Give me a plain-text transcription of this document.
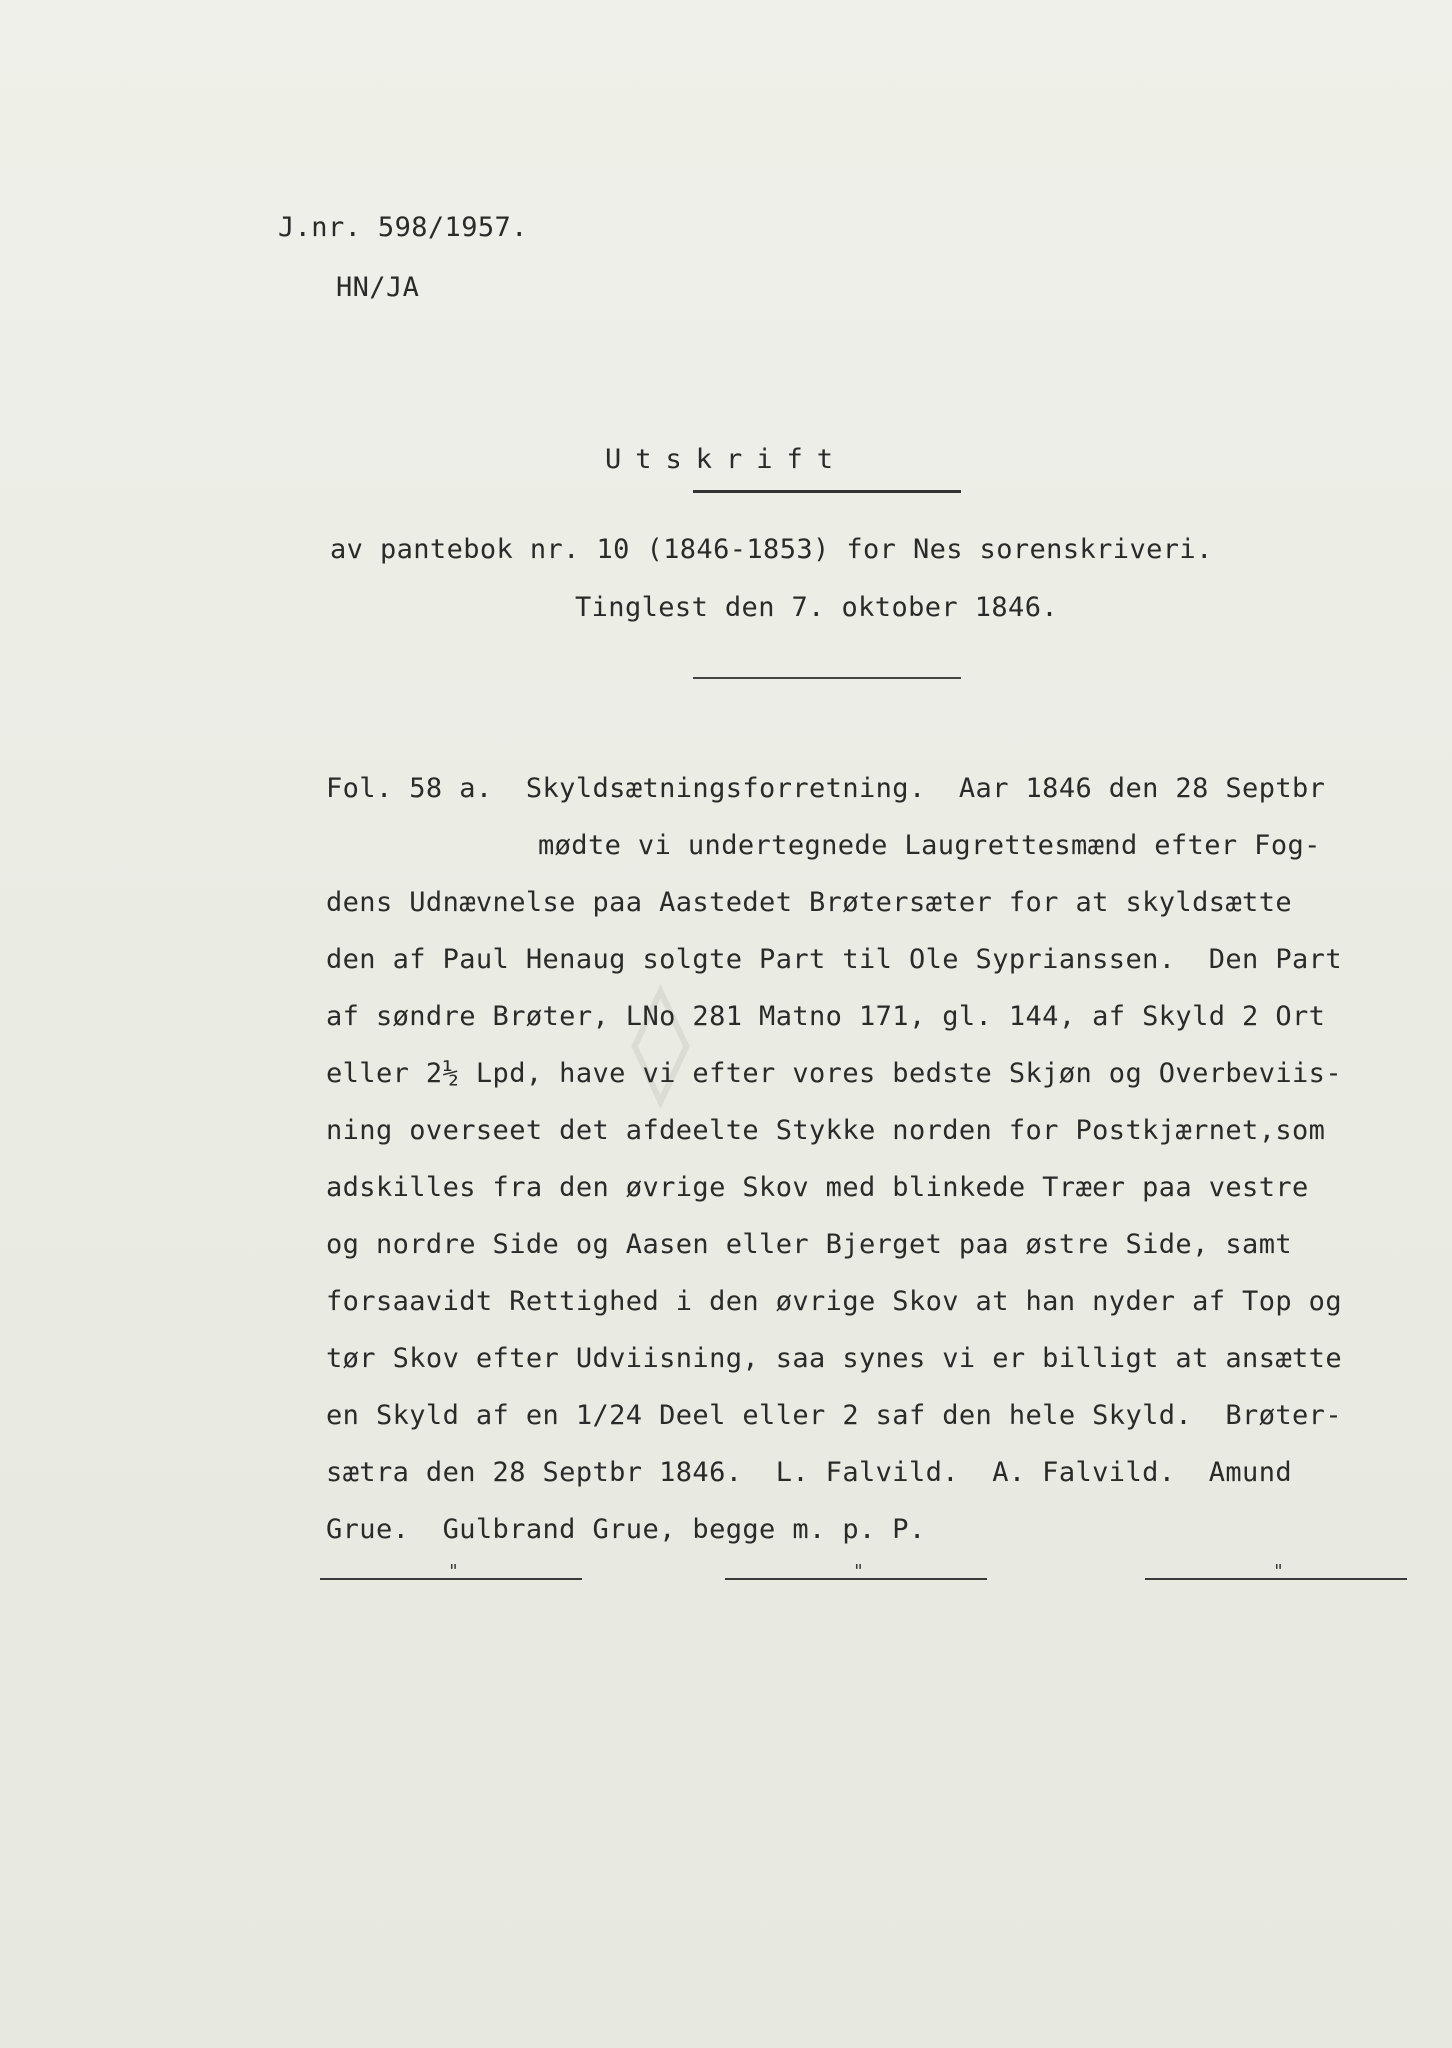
◊
J.nr. 598/1957.
HN/JA
Utskrift
av pantebok nr. 10 (1846-1853) for Nes sorenskriveri.
Tinglest den 7. oktober 1846.
Fol. 58 a.  Skyldsætningsforretning.  Aar 1846 den 28 Septbr
mødte vi undertegnede Laugrettesmænd efter Fog-
dens Udnævnelse paa Aastedet Brøtersæter for at skyldsætte
den af Paul Henaug solgte Part til Ole Syprianssen.  Den Part
af søndre Brøter, LNo 281 Matno 171, gl. 144, af Skyld 2 Ort
eller 2½ Lpd, have vi efter vores bedste Skjøn og Overbeviis-
ning overseet det afdeelte Stykke norden for Postkjærnet,som
adskilles fra den øvrige Skov med blinkede Træer paa vestre
og nordre Side og Aasen eller Bjerget paa østre Side, samt
forsaavidt Rettighed i den øvrige Skov at han nyder af Top og
tør Skov efter Udviisning, saa synes vi er billigt at ansætte
en Skyld af en 1/24 Deel eller 2 saf den hele Skyld.  Brøter-
sætra den 28 Septbr 1846.  L. Falvild.  A. Falvild.  Amund
Grue.  Gulbrand Grue, begge m. p. P.
"	"	"
